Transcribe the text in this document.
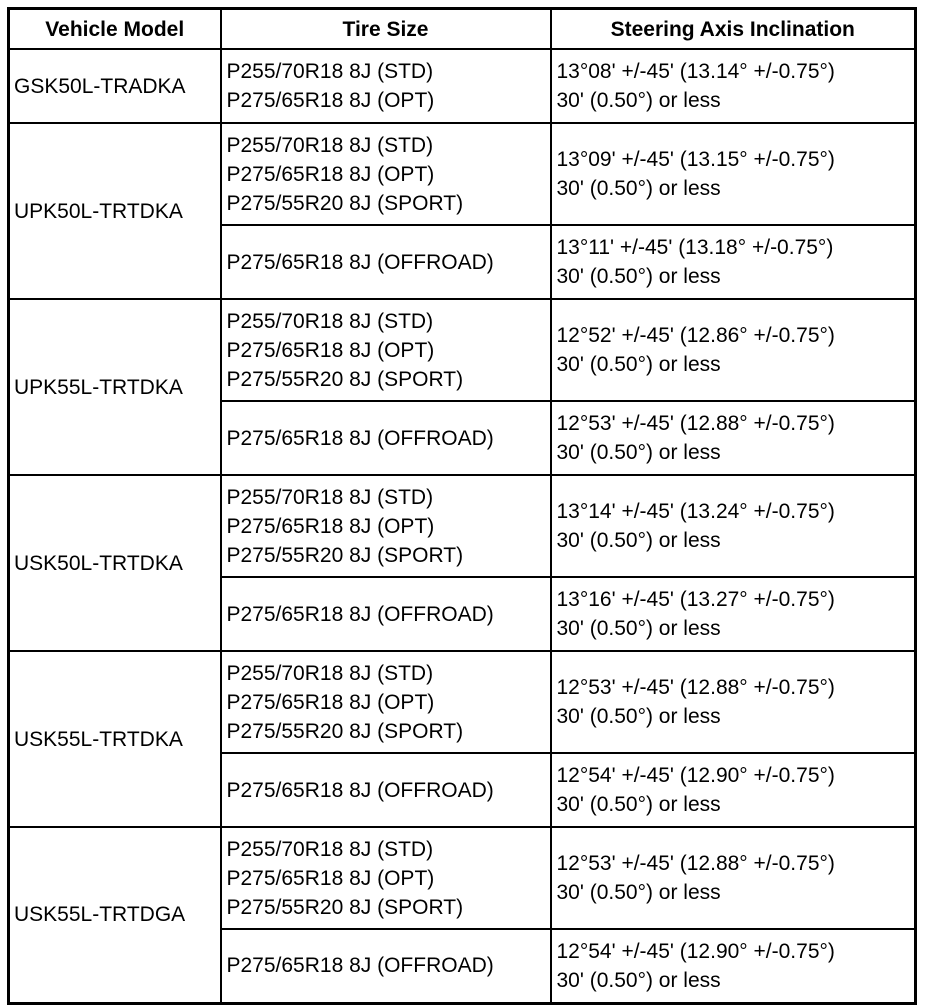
Vehicle Model	Tire Size	Steering Axis Inclination
GSK50L-TRADKA	P255/70R18 8J (STD)
P275/65R18 8J (OPT)	13°08' +/-45' (13.14° +/-0.75°)
30' (0.50°) or less

UPK50L-TRTDKA	P255/70R18 8J (STD)
P275/65R18 8J (OPT)
P275/55R20 8J (SPORT)	13°09' +/-45' (13.15° +/-0.75°)
30' (0.50°) or less

	P275/65R18 8J (OFFROAD)	13°11' +/-45' (13.18° +/-0.75°)
30' (0.50°) or less

UPK55L-TRTDKA	P255/70R18 8J (STD)
P275/65R18 8J (OPT)
P275/55R20 8J (SPORT)	12°52' +/-45' (12.86° +/-0.75°)
30' (0.50°) or less

	P275/65R18 8J (OFFROAD)	12°53' +/-45' (12.88° +/-0.75°)
30' (0.50°) or less

USK50L-TRTDKA	P255/70R18 8J (STD)
P275/65R18 8J (OPT)
P275/55R20 8J (SPORT)	13°14' +/-45' (13.24° +/-0.75°)
30' (0.50°) or less

	P275/65R18 8J (OFFROAD)	13°16' +/-45' (13.27° +/-0.75°)
30' (0.50°) or less

USK55L-TRTDKA	P255/70R18 8J (STD)
P275/65R18 8J (OPT)
P275/55R20 8J (SPORT)	12°53' +/-45' (12.88° +/-0.75°)
30' (0.50°) or less

	P275/65R18 8J (OFFROAD)	12°54' +/-45' (12.90° +/-0.75°)
30' (0.50°) or less

USK55L-TRTDGA	P255/70R18 8J (STD)
P275/65R18 8J (OPT)
P275/55R20 8J (SPORT)	12°53' +/-45' (12.88° +/-0.75°)
30' (0.50°) or less

	P275/65R18 8J (OFFROAD)	12°54' +/-45' (12.90° +/-0.75°)
30' (0.50°) or less
